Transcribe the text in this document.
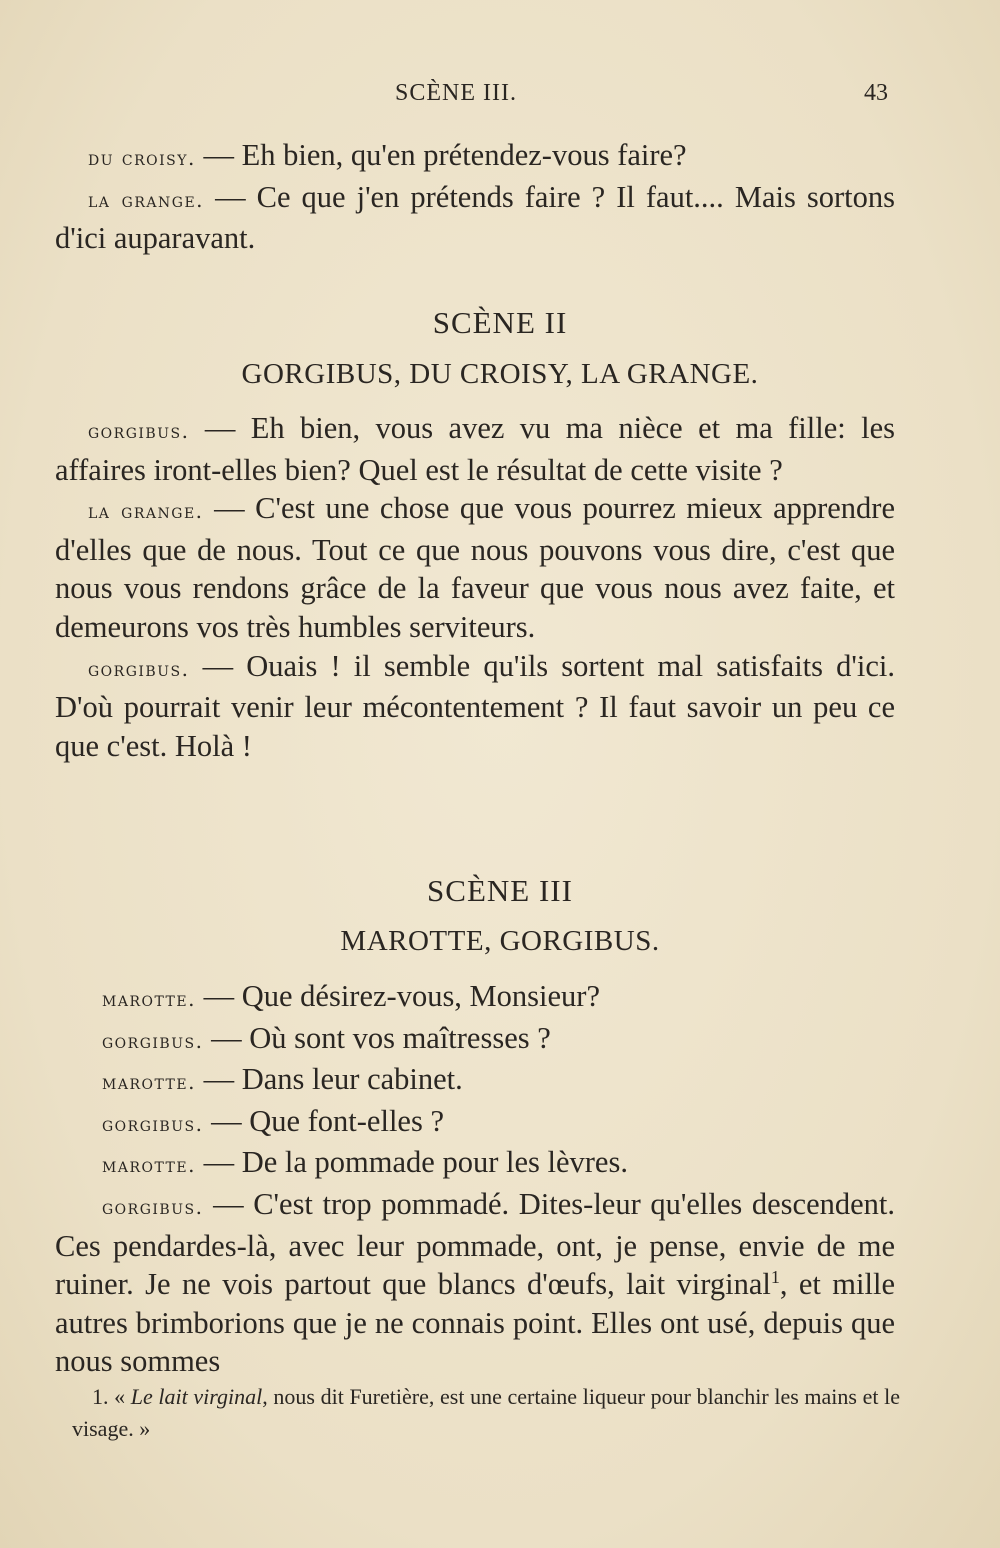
SCÈNE III.	43

du croisy. — Eh bien, qu'en prétendez-vous faire?

la grange. — Ce que j'en prétends faire ? Il faut.... Mais sortons d'ici auparavant.

SCÈNE II
GORGIBUS, DU CROISY, LA GRANGE.

gorgibus. — Eh bien, vous avez vu ma nièce et ma fille: les affaires iront-elles bien? Quel est le résultat de cette visite ?

la grange. — C'est une chose que vous pourrez mieux apprendre d'elles que de nous. Tout ce que nous pouvons vous dire, c'est que nous vous rendons grâce de la faveur que vous nous avez faite, et demeurons vos très humbles serviteurs.

gorgibus. — Ouais ! il semble qu'ils sortent mal satisfaits d'ici. D'où pourrait venir leur mécontentement ? Il faut savoir un peu ce que c'est. Holà !

SCÈNE III
MAROTTE, GORGIBUS.

marotte. — Que désirez-vous, Monsieur?

gorgibus. — Où sont vos maîtresses ?

marotte. — Dans leur cabinet.

gorgibus. — Que font-elles ?

marotte. — De la pommade pour les lèvres.

gorgibus. — C'est trop pommadé. Dites-leur qu'elles descendent. Ces pendardes-là, avec leur pommade, ont, je pense, envie de me ruiner. Je ne vois partout que blancs d'œufs, lait virginal$^1$, et mille autres brimborions que je ne connais point. Elles ont usé, depuis que nous sommes

1. « Le lait virginal, nous dit Furetière, est une certaine liqueur pour blanchir les mains et le visage. »
